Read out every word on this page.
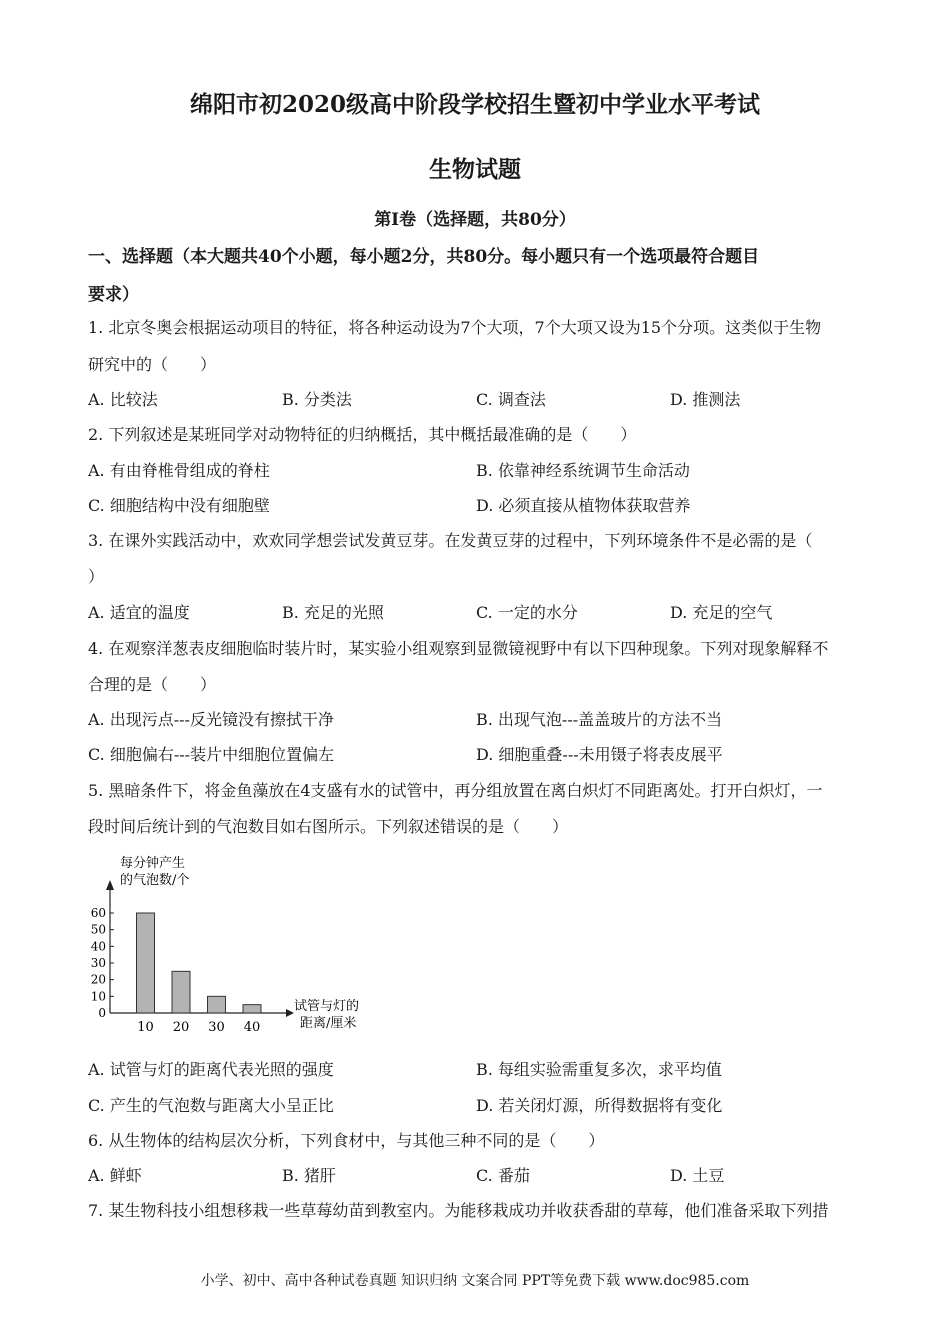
绵阳市初2020级高中阶段学校招生暨初中学业水平考试
生物试题
第I卷（选择题，共80分）
一、选择题（本大题共40个小题，每小题2分，共80分。每小题只有一个选项最符合题目
要求）
1. 北京冬奥会根据运动项目的特征，将各种运动设为7个大项，7个大项又设为15个分项。这类似于生物
研究中的（　　）
A. 比较法	B. 分类法	C. 调查法	D. 推测法
2. 下列叙述是某班同学对动物特征的归纳概括，其中概括最准确的是（　　）
A. 有由脊椎骨组成的脊柱	B. 依靠神经系统调节生命活动
C. 细胞结构中没有细胞壁	D. 必须直接从植物体获取营养
3. 在课外实践活动中，欢欢同学想尝试发黄豆芽。在发黄豆芽的过程中，下列环境条件不是必需的是（
）
A. 适宜的温度	B. 充足的光照	C. 一定的水分	D. 充足的空气
4. 在观察洋葱表皮细胞临时装片时，某实验小组观察到显微镜视野中有以下四种现象。下列对现象解释不
合理的是（　　）
A. 出现污点---反光镜没有擦拭干净	B. 出现气泡---盖盖玻片的方法不当
C. 细胞偏右---装片中细胞位置偏左	D. 细胞重叠---未用镊子将表皮展平
5. 黑暗条件下，将金鱼藻放在4支盛有水的试管中，再分组放置在离白炽灯不同距离处。打开白炽灯，一
段时间后统计到的气泡数目如右图所示。下列叙述错误的是（　　）
每分钟产生
的气泡数/个
0
10
20
30
40
50
60
10 20 30 40
试管与灯的
距离/厘米
A. 试管与灯的距离代表光照的强度	B. 每组实验需重复多次，求平均值
C. 产生的气泡数与距离大小呈正比	D. 若关闭灯源，所得数据将有变化
6. 从生物体的结构层次分析，下列食材中，与其他三种不同的是（　　）
A. 鲜虾	B. 猪肝	C. 番茄	D. 土豆
7. 某生物科技小组想移栽一些草莓幼苗到教室内。为能移栽成功并收获香甜的草莓，他们准备采取下列措
小学、初中、高中各种试卷真题 知识归纳 文案合同 PPT等免费下载 www.doc985.com
